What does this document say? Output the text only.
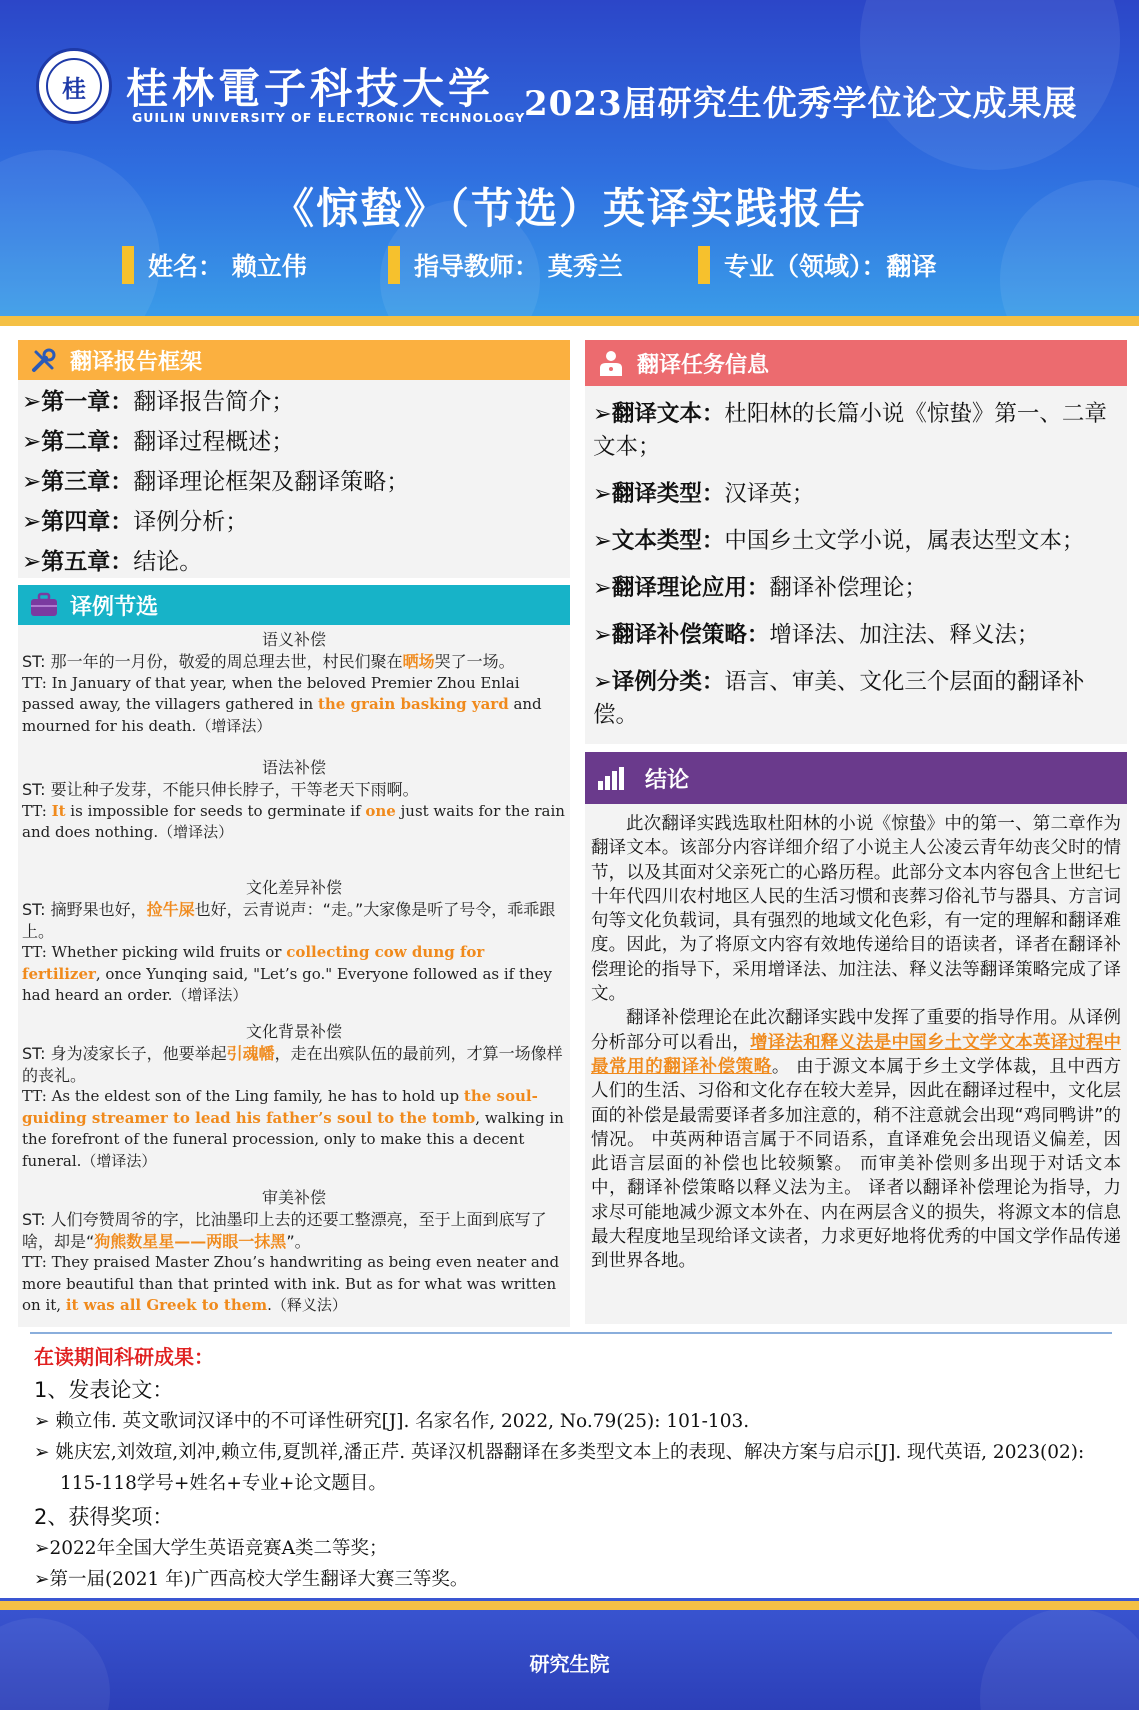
桂 桂林電子科技大学
GUILIN UNIVERSITY OF ELECTRONIC TECHNOLOGY
2023届研究生优秀学位论文成果展
《惊蛰》（节选）英译实践报告
姓名： 赖立伟	指导教师： 莫秀兰	专业（领域）：翻译
翻译报告框架
➢第一章：翻译报告简介；
➢第二章：翻译过程概述；
➢第三章：翻译理论框架及翻译策略；
➢第四章：译例分析；
➢第五章：结论。
译例节选
语义补偿
ST: 那一年的一月份，敬爱的周总理去世，村民们聚在晒场哭了一场。
TT: In January of that year, when the beloved Premier Zhou Enlai passed away, the villagers gathered in the grain basking yard and mourned for his death.（增译法）
语法补偿
ST: 要让种子发芽，不能只伸长脖子，干等老天下雨啊。
TT: It is impossible for seeds to germinate if one just waits for the rain and does nothing.（增译法）
文化差异补偿
ST: 摘野果也好，捡牛屎也好，云青说声：“走。”大家像是听了号令，乖乖跟上。
TT: Whether picking wild fruits or collecting cow dung for fertilizer, once Yunqing said, "Let’s go." Everyone followed as if they had heard an order.（增译法）
文化背景补偿
ST: 身为凌家长子，他要举起引魂幡，走在出殡队伍的最前列，才算一场像样的丧礼。
TT: As the eldest son of the Ling family, he has to hold up the soul-guiding streamer to lead his father’s soul to the tomb, walking in the forefront of the funeral procession, only to make this a decent funeral.（增译法）
审美补偿
ST: 人们夸赞周爷的字，比油墨印上去的还要工整漂亮，至于上面到底写了啥，却是“狗熊数星星——两眼一抹黑”。
TT: They praised Master Zhou’s handwriting as being even neater and more beautiful than that printed with ink. But as for what was written on it, it was all Greek to them.（释义法）
翻译任务信息
➢翻译文本：杜阳林的长篇小说《惊蛰》第一、二章文本；
➢翻译类型：汉译英；
➢文本类型：中国乡土文学小说，属表达型文本；
➢翻译理论应用：翻译补偿理论；
➢翻译补偿策略：增译法、加注法、释义法；
➢译例分类：语言、审美、文化三个层面的翻译补偿。
结论

此次翻译实践选取杜阳林的小说《惊蛰》中的第一、第二章作为翻译文本。该部分内容详细介绍了小说主人公凌云青年幼丧父时的情节，以及其面对父亲死亡的心路历程。此部分文本内容包含上世纪七十年代四川农村地区人民的生活习惯和丧葬习俗礼节与器具、方言词句等文化负载词，具有强烈的地域文化色彩，有一定的理解和翻译难度。因此，为了将原文内容有效地传递给目的语读者，译者在翻译补偿理论的指导下，采用增译法、加注法、释义法等翻译策略完成了译文。

翻译补偿理论在此次翻译实践中发挥了重要的指导作用。从译例分析部分可以看出，增译法和释义法是中国乡土文学文本英译过程中最常用的翻译补偿策略。 由于源文本属于乡土文学体裁，且中西方人们的生活、习俗和文化存在较大差异，因此在翻译过程中，文化层面的补偿是最需要译者多加注意的，稍不注意就会出现“鸡同鸭讲”的情况。 中英两种语言属于不同语系，直译难免会出现语义偏差，因此语言层面的补偿也比较频繁。 而审美补偿则多出现于对话文本中，翻译补偿策略以释义法为主。 译者以翻译补偿理论为指导，力求尽可能地减少源文本外在、内在两层含义的损失，将源文本的信息最大程度地呈现给译文读者，力求更好地将优秀的中国文学作品传递到世界各地。

在读期间科研成果：
1、发表论文：
➢ 赖立伟. 英文歌词汉译中的不可译性研究[J]. 名家名作, 2022, No.79(25): 101-103.
➢ 姚庆宏,刘效瑄,刘冲,赖立伟,夏凯祥,潘正芹. 英译汉机器翻译在多类型文本上的表现、解决方案与启示[J]. 现代英语, 2023(02): 115-118学号+姓名+专业+论文题目。
2、获得奖项：
➢2022年全国大学生英语竞赛A类二等奖；
➢第一届(2021 年)广西高校大学生翻译大赛三等奖。
研究生院
